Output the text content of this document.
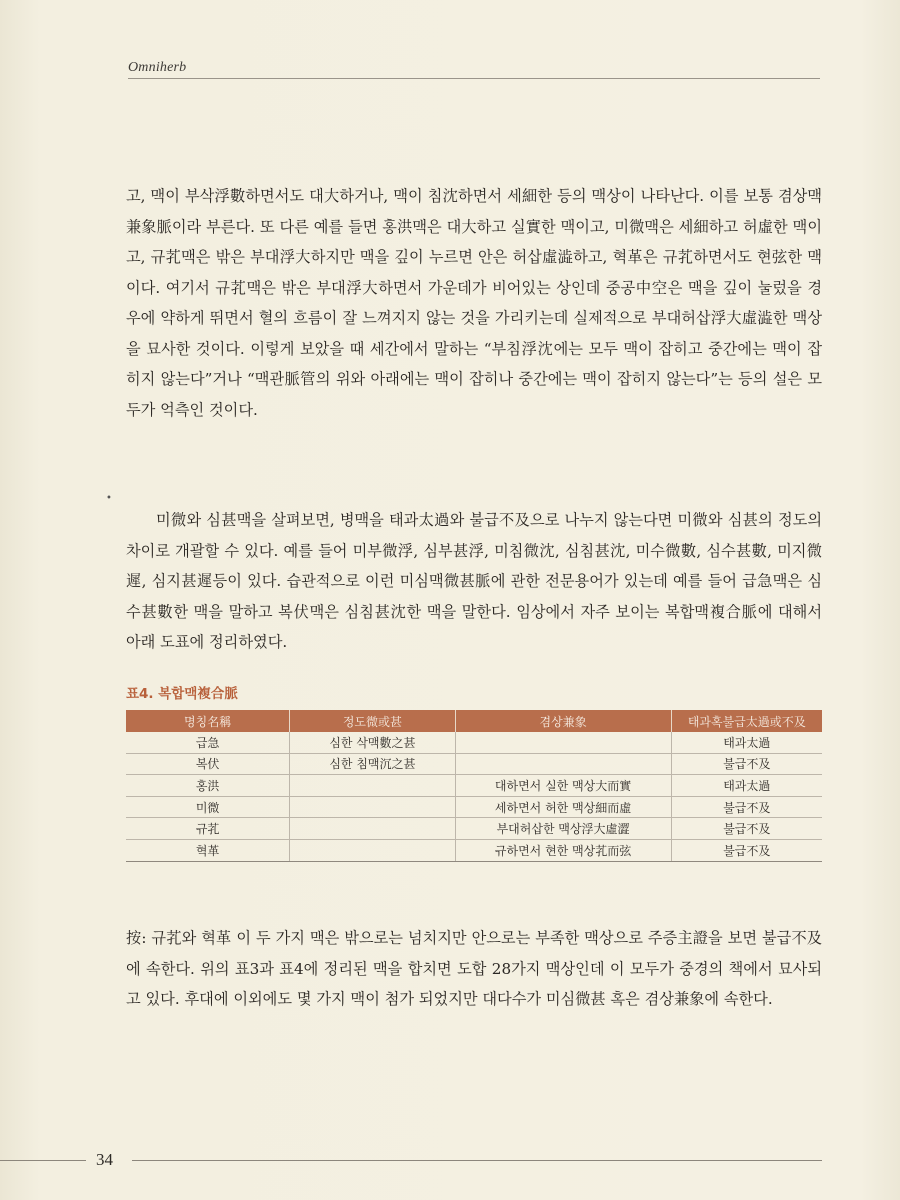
Omniherb

고, 맥이 부삭浮數하면서도 대大하거나, 맥이 침沈하면서 세細한 등의 맥상이 나타난다. 이를 보통 겸상맥兼象脈이라 부른다. 또 다른 예를 들면 홍洪맥은 대大하고 실實한 맥이고, 미微맥은 세細하고 허虛한 맥이고, 규芤맥은 밖은 부대浮大하지만 맥을 깊이 누르면 안은 허삽虛澁하고, 혁革은 규芤하면서도 현弦한 맥이다. 여기서 규芤맥은 밖은 부대浮大하면서 가운데가 비어있는 상인데 중공中空은 맥을 깊이 눌렀을 경우에 약하게 뛰면서 혈의 흐름이 잘 느껴지지 않는 것을 가리키는데 실제적으로 부대허삽浮大虛澁한 맥상을 묘사한 것이다. 이렇게 보았을 때 세간에서 말하는 “부침浮沈에는 모두 맥이 잡히고 중간에는 맥이 잡히지 않는다”거나 “맥관脈管의 위와 아래에는 맥이 잡히나 중간에는 맥이 잡히지 않는다”는 등의 설은 모두가 억측인 것이다.

•

미微와 심甚맥을 살펴보면, 병맥을 태과太過와 불급不及으로 나누지 않는다면 미微와 심甚의 정도의 차이로 개괄할 수 있다. 예를 들어 미부微浮, 심부甚浮, 미침微沈, 심침甚沈, 미수微數, 심수甚數, 미지微遲, 심지甚遲등이 있다. 습관적으로 이런 미심맥微甚脈에 관한 전문용어가 있는데 예를 들어 급急맥은 심수甚數한 맥을 말하고 복伏맥은 심침甚沈한 맥을 말한다. 임상에서 자주 보이는 복합맥複合脈에 대해서 아래 도표에 정리하였다.

표4. 복합맥複合脈
명칭名稱	정도微或甚	겸상兼象	태과혹불급太過或不及
급急	심한 삭맥數之甚		태과太過
복伏	심한 침맥沉之甚		불급不及
홍洪		대하면서 실한 맥상大而實	태과太過
미微		세하면서 허한 맥상細而虛	불급不及
규芤		부대허삽한 맥상浮大虛澀	불급不及
혁革		규하면서 현한 맥상芤而弦	불급不及

按: 규芤와 혁革 이 두 가지 맥은 밖으로는 넘치지만 안으로는 부족한 맥상으로 주증主證을 보면 불급不及에 속한다. 위의 표3과 표4에 정리된 맥을 합치면 도합 28가지 맥상인데 이 모두가 중경의 책에서 묘사되고 있다. 후대에 이외에도 몇 가지 맥이 첨가 되었지만 대다수가 미심微甚 혹은 겸상兼象에 속한다.

34
